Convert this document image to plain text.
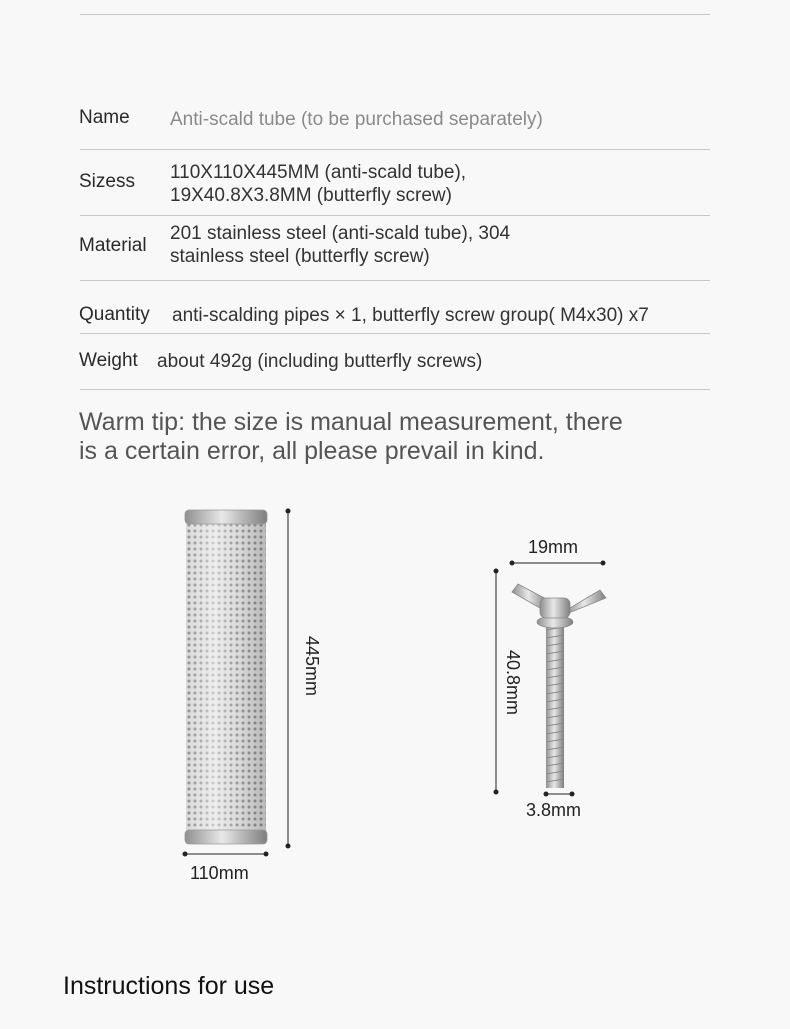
Name Anti-scald tube (to be purchased separately)
Sizess 110X110X445MM (anti-scald tube),
19X40.8X3.8MM (butterfly screw)
Material
201 stainless steel (anti-scald tube), 304
stainless steel (butterfly screw)
Quantity anti-scalding pipes × 1, butterfly screw group( M4x30) x7
Weight about 492g (including butterfly screws)
Warm tip: the size is manual measurement, there
is a certain error, all please prevail in kind.
445mm
110mm
19mm
40.8mm
3.8mm
Instructions for use
